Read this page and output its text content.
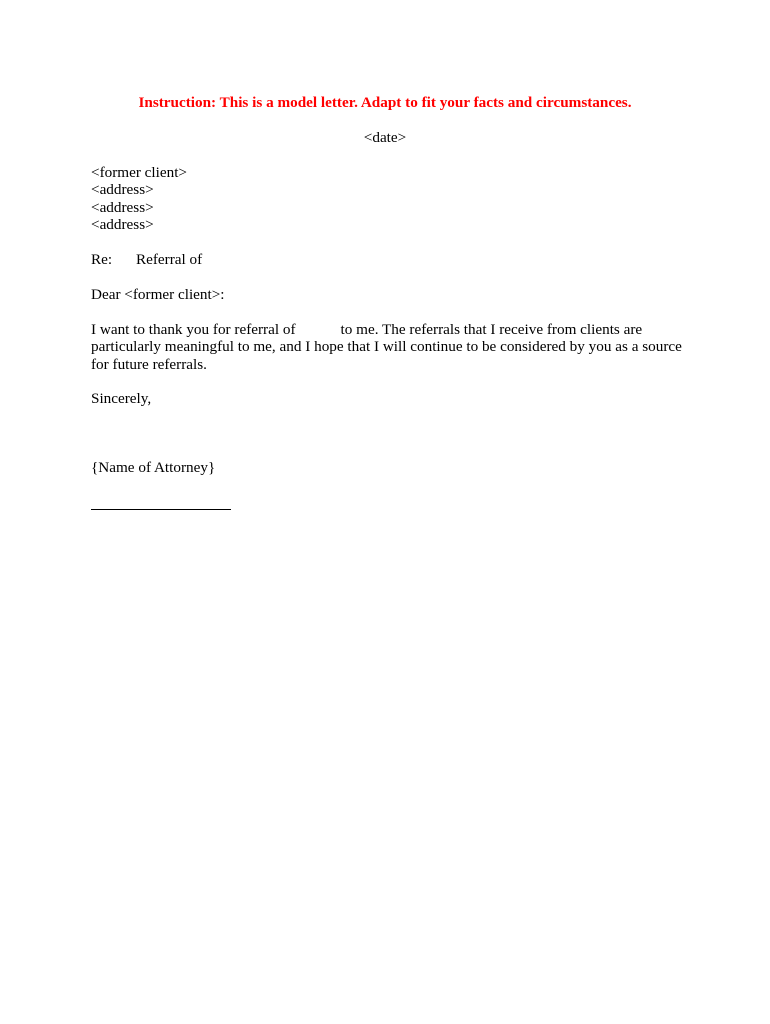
Instruction: This is a model letter. Adapt to fit your facts and circumstances.
<date>
<former client>
<address>
<address>
<address>
Re: Referral of
Dear <former client>:
I want to thank you for referral of	to me. The referrals that I receive from clients are
particularly meaningful to me, and I hope that I will continue to be considered by you as a source
for future referrals.
Sincerely,
{Name of Attorney}
